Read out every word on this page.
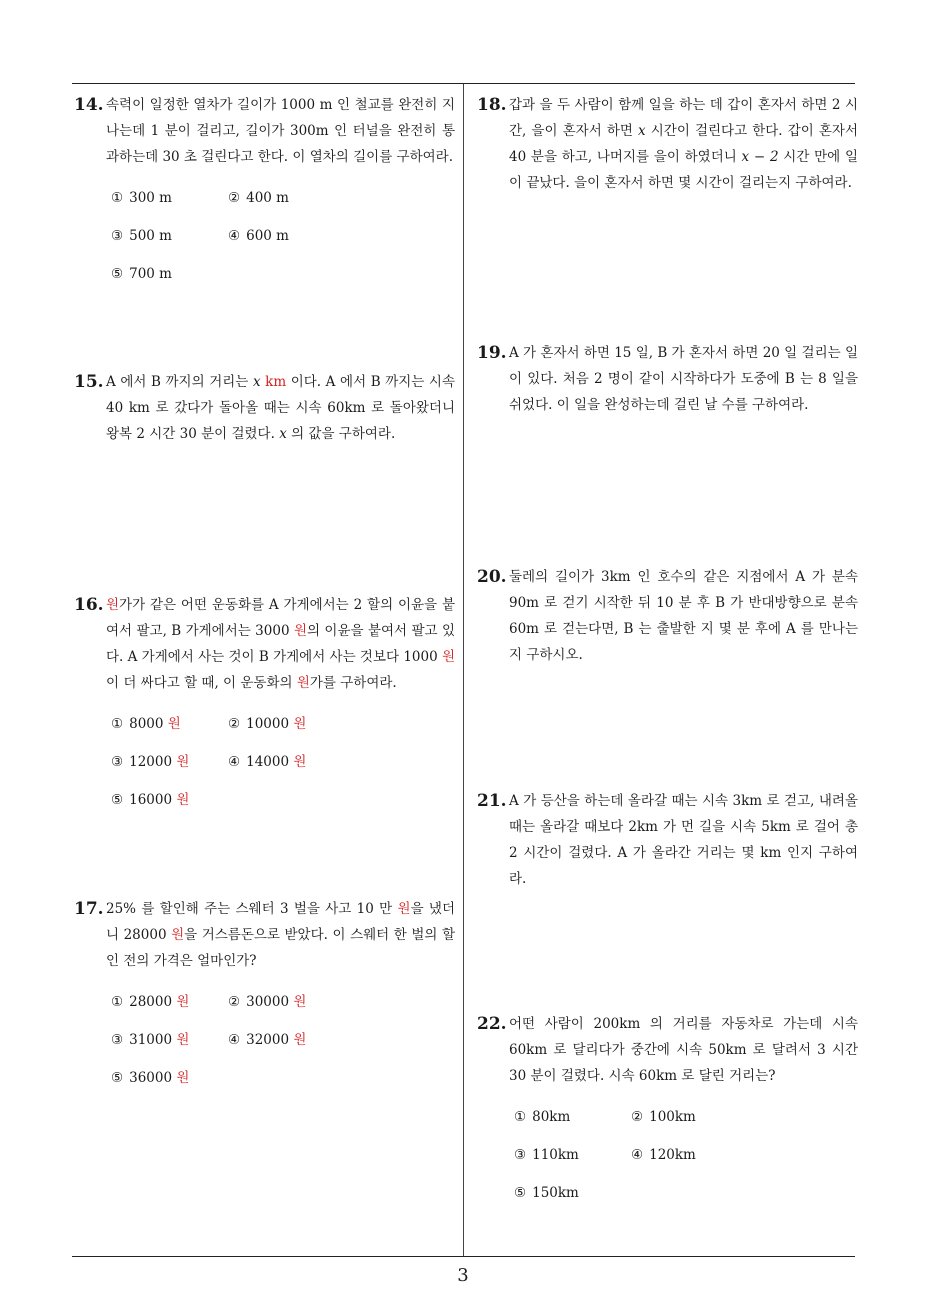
14. 속력이 일정한 열차가 길이가 1000 m 인 철교를 완전히 지나는데 1 분이 걸리고, 길이가 300m 인 터널을 완전히 통과하는데 30 초 걸린다고 한다. 이 열차의 길이를 구하여라.
① 300 m	② 400 m
③ 500 m	④ 600 m
⑤ 700 m
15. A 에서 B 까지의 거리는 x km 이다. A 에서 B 까지는 시속 40 km 로 갔다가 돌아올 때는 시속 60km 로 돌아왔더니 왕복 2 시간 30 분이 걸렸다. x 의 값을 구하여라.
16. 원가가 같은 어떤 운동화를 A 가게에서는 2 할의 이윤을 붙여서 팔고, B 가게에서는 3000 원의 이윤을 붙여서 팔고 있다. A 가게에서 사는 것이 B 가게에서 사는 것보다 1000 원이 더 싸다고 할 때, 이 운동화의 원가를 구하여라.
① 8000 원	② 10000 원
③ 12000 원	④ 14000 원
⑤ 16000 원
17. 25% 를 할인해 주는 스웨터 3 벌을 사고 10 만 원을 냈더니 28000 원을 거스름돈으로 받았다. 이 스웨터 한 벌의 할인 전의 가격은 얼마인가?
① 28000 원	② 30000 원
③ 31000 원	④ 32000 원
⑤ 36000 원
18. 갑과 을 두 사람이 함께 일을 하는 데 갑이 혼자서 하면 2 시간, 을이 혼자서 하면 x 시간이 걸린다고 한다. 갑이 혼자서 40 분을 하고, 나머지를 을이 하였더니 x − 2 시간 만에 일이 끝났다. 을이 혼자서 하면 몇 시간이 걸리는지 구하여라.
19. A 가 혼자서 하면 15 일, B 가 혼자서 하면 20 일 걸리는 일이 있다. 처음 2 명이 같이 시작하다가 도중에 B 는 8 일을 쉬었다. 이 일을 완성하는데 걸린 날 수를 구하여라.
20. 둘레의 길이가 3km 인 호수의 같은 지점에서 A 가 분속 90m 로 걷기 시작한 뒤 10 분 후 B 가 반대방향으로 분속 60m 로 걷는다면, B 는 출발한 지 몇 분 후에 A 를 만나는지 구하시오.
21. A 가 등산을 하는데 올라갈 때는 시속 3km 로 걷고, 내려올 때는 올라갈 때보다 2km 가 먼 길을 시속 5km 로 걸어 총 2 시간이 걸렸다. A 가 올라간 거리는 몇 km 인지 구하여라.
22. 어떤 사람이 200km 의 거리를 자동차로 가는데 시속 60km 로 달리다가 중간에 시속 50km 로 달려서 3 시간 30 분이 걸렸다. 시속 60km 로 달린 거리는?
① 80km	② 100km
③ 110km	④ 120km
⑤ 150km
3
